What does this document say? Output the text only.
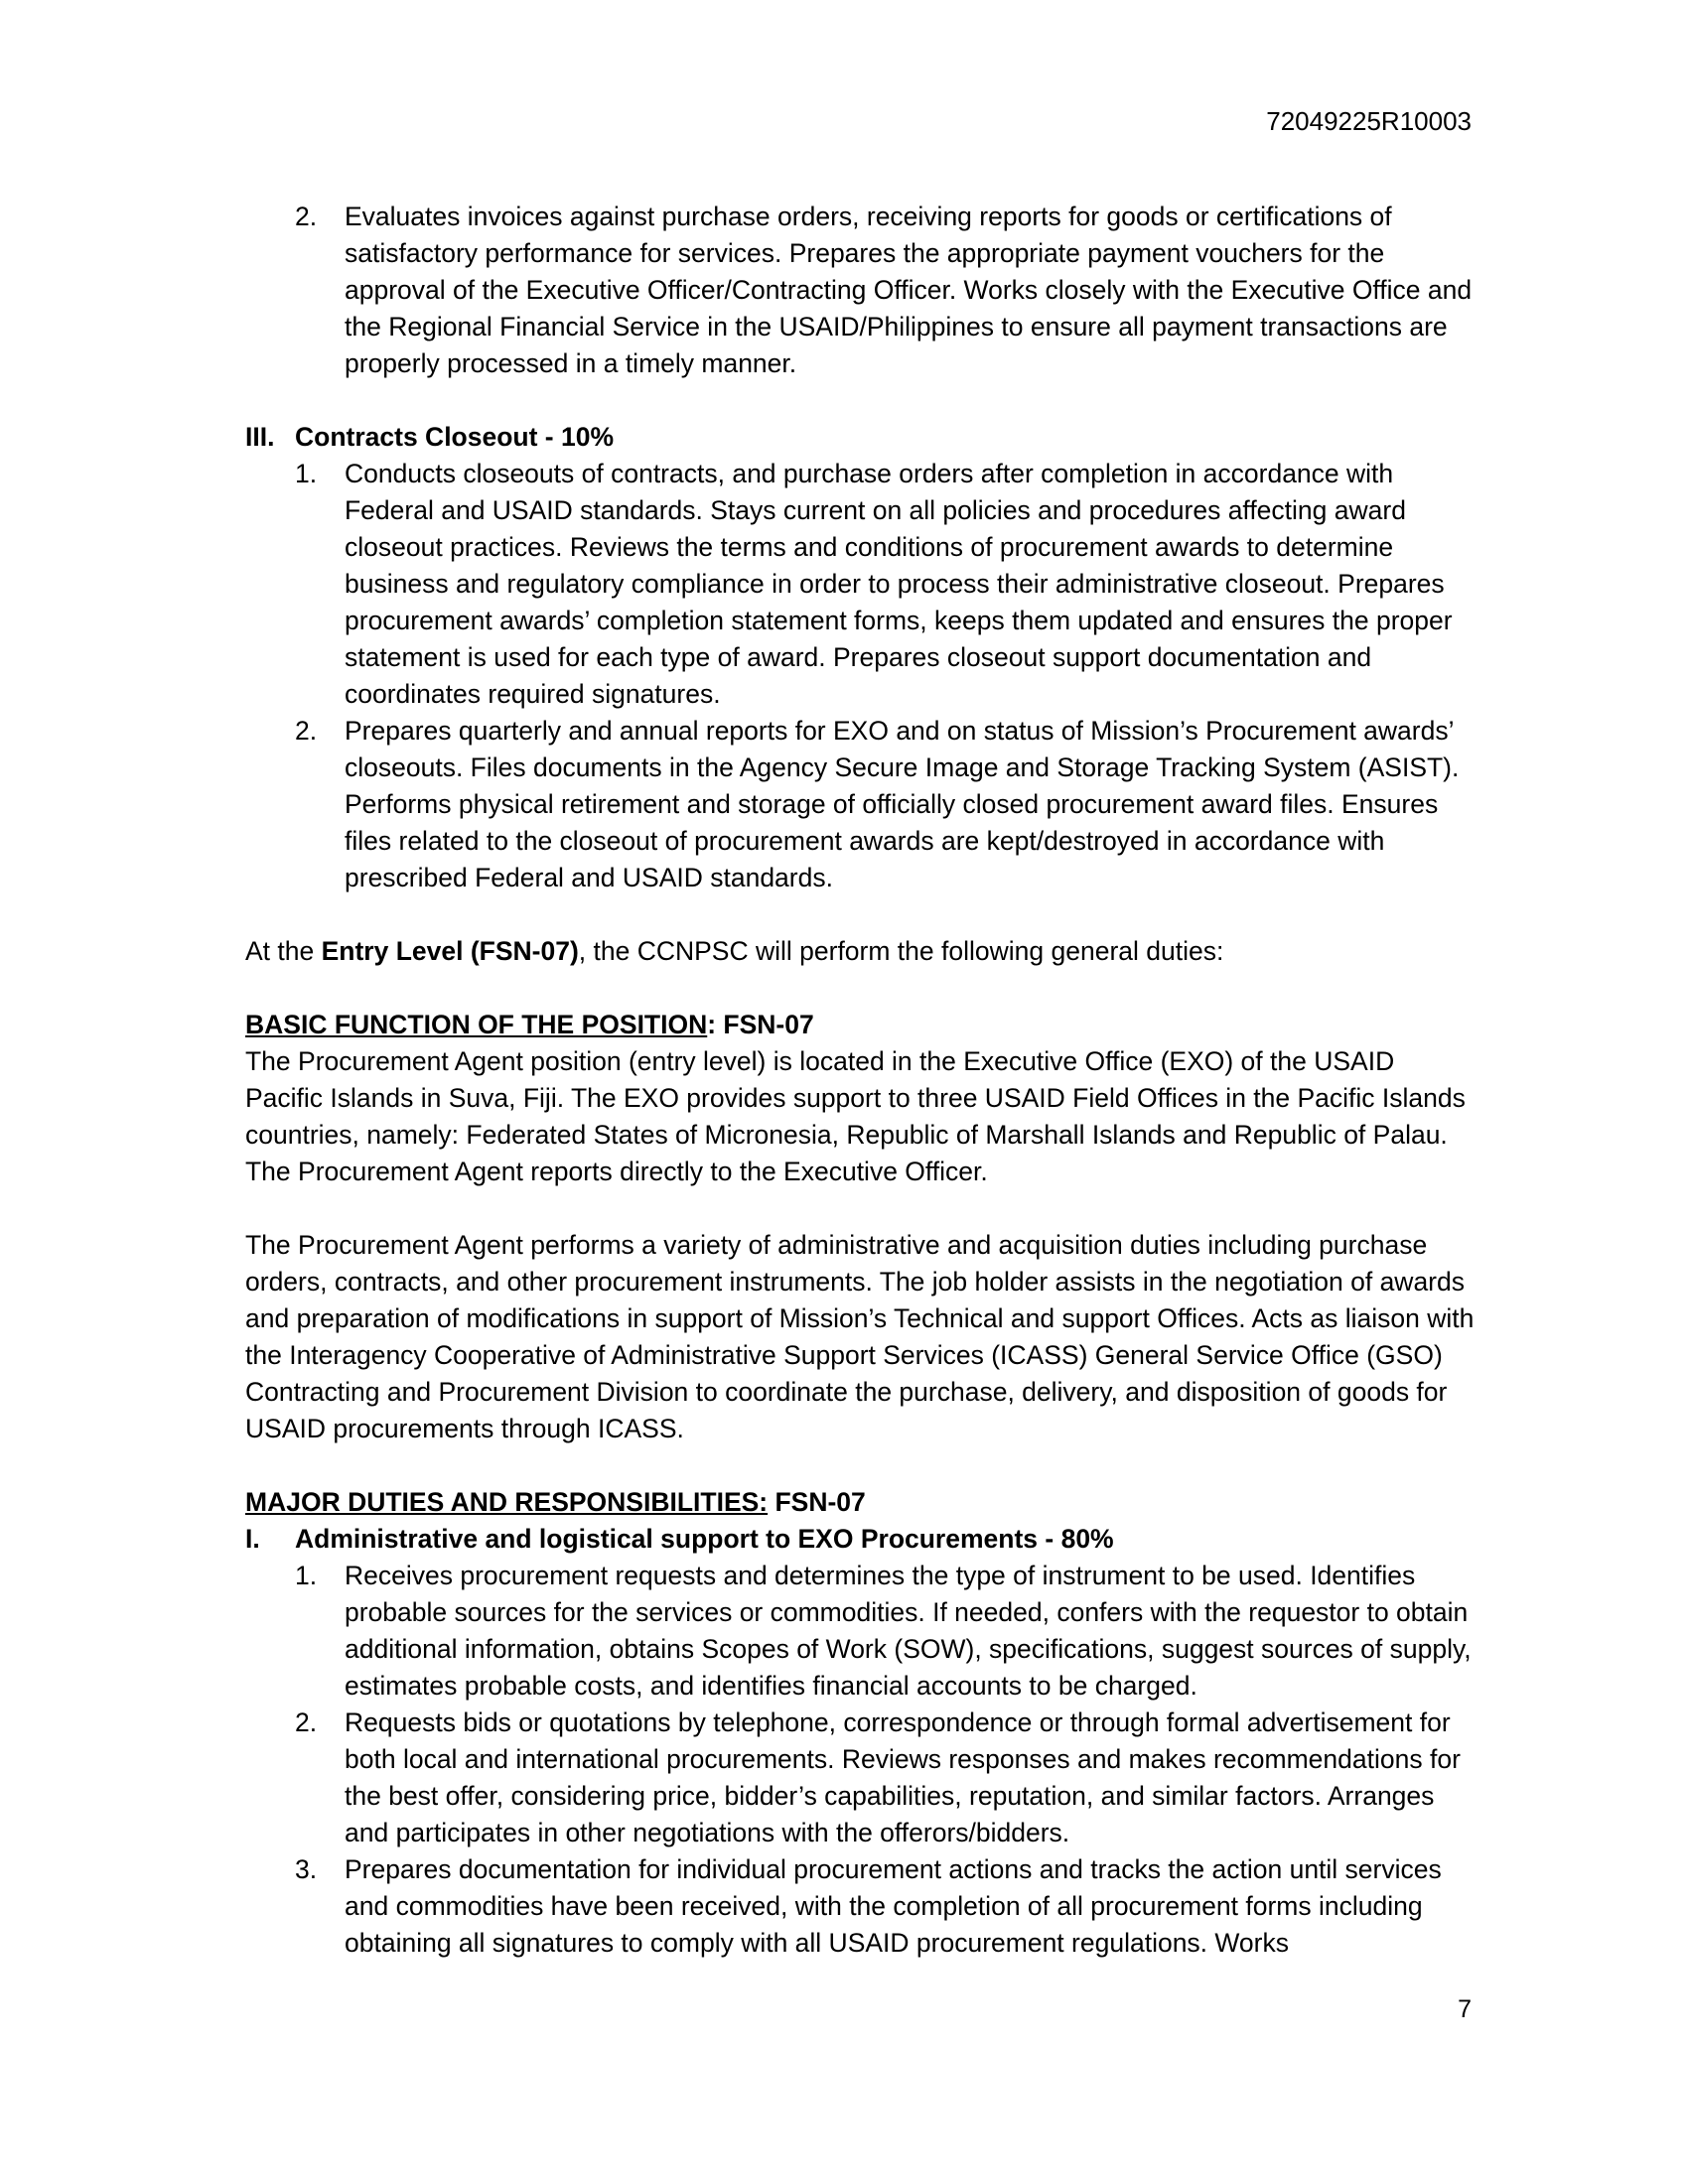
72049225R10003
2. Evaluates invoices against purchase orders, receiving reports for goods or certifications of satisfactory performance for services. Prepares the appropriate payment vouchers for the approval of the Executive Officer/Contracting Officer. Works closely with the Executive Office and the Regional Financial Service in the USAID/Philippines to ensure all payment transactions are properly processed in a timely manner.

III. Contracts Closeout - 10%
1. Conducts closeouts of contracts, and purchase orders after completion in accordance with Federal and USAID standards. Stays current on all policies and procedures affecting award closeout practices. Reviews the terms and conditions of procurement awards to determine business and regulatory compliance in order to process their administrative closeout. Prepares procurement awards’ completion statement forms, keeps them updated and ensures the proper statement is used for each type of award. Prepares closeout support documentation and coordinates required signatures.

2. Prepares quarterly and annual reports for EXO and on status of Mission’s Procurement awards’ closeouts. Files documents in the Agency Secure Image and Storage Tracking System (ASIST). Performs physical retirement and storage of officially closed procurement award files. Ensures files related to the closeout of procurement awards are kept/destroyed in accordance with prescribed Federal and USAID standards.

At the Entry Level (FSN-07), the CCNPSC will perform the following general duties:

BASIC FUNCTION OF THE POSITION: FSN-07

The Procurement Agent position (entry level) is located in the Executive Office (EXO) of the USAID Pacific Islands in Suva, Fiji. The EXO provides support to three USAID Field Offices in the Pacific Islands countries, namely: Federated States of Micronesia, Republic of Marshall Islands and Republic of Palau. The Procurement Agent reports directly to the Executive Officer.

The Procurement Agent performs a variety of administrative and acquisition duties including purchase orders, contracts, and other procurement instruments. The job holder assists in the negotiation of awards and preparation of modifications in support of Mission’s Technical and support Offices. Acts as liaison with the Interagency Cooperative of Administrative Support Services (ICASS) General Service Office (GSO) Contracting and Procurement Division to coordinate the purchase, delivery, and disposition of goods for USAID procurements through ICASS.

MAJOR DUTIES AND RESPONSIBILITIES: FSN-07

I. Administrative and logistical support to EXO Procurements - 80%
1. Receives procurement requests and determines the type of instrument to be used. Identifies probable sources for the services or commodities. If needed, confers with the requestor to obtain additional information, obtains Scopes of Work (SOW), specifications, suggest sources of supply, estimates probable costs, and identifies financial accounts to be charged.

2. Requests bids or quotations by telephone, correspondence or through formal advertisement for both local and international procurements. Reviews responses and makes recommendations for the best offer, considering price, bidder’s capabilities, reputation, and similar factors. Arranges and participates in other negotiations with the offerors/bidders.

3. Prepares documentation for individual procurement actions and tracks the action until services and commodities have been received, with the completion of all procurement forms including obtaining all signatures to comply with all USAID procurement regulations. Works

7
